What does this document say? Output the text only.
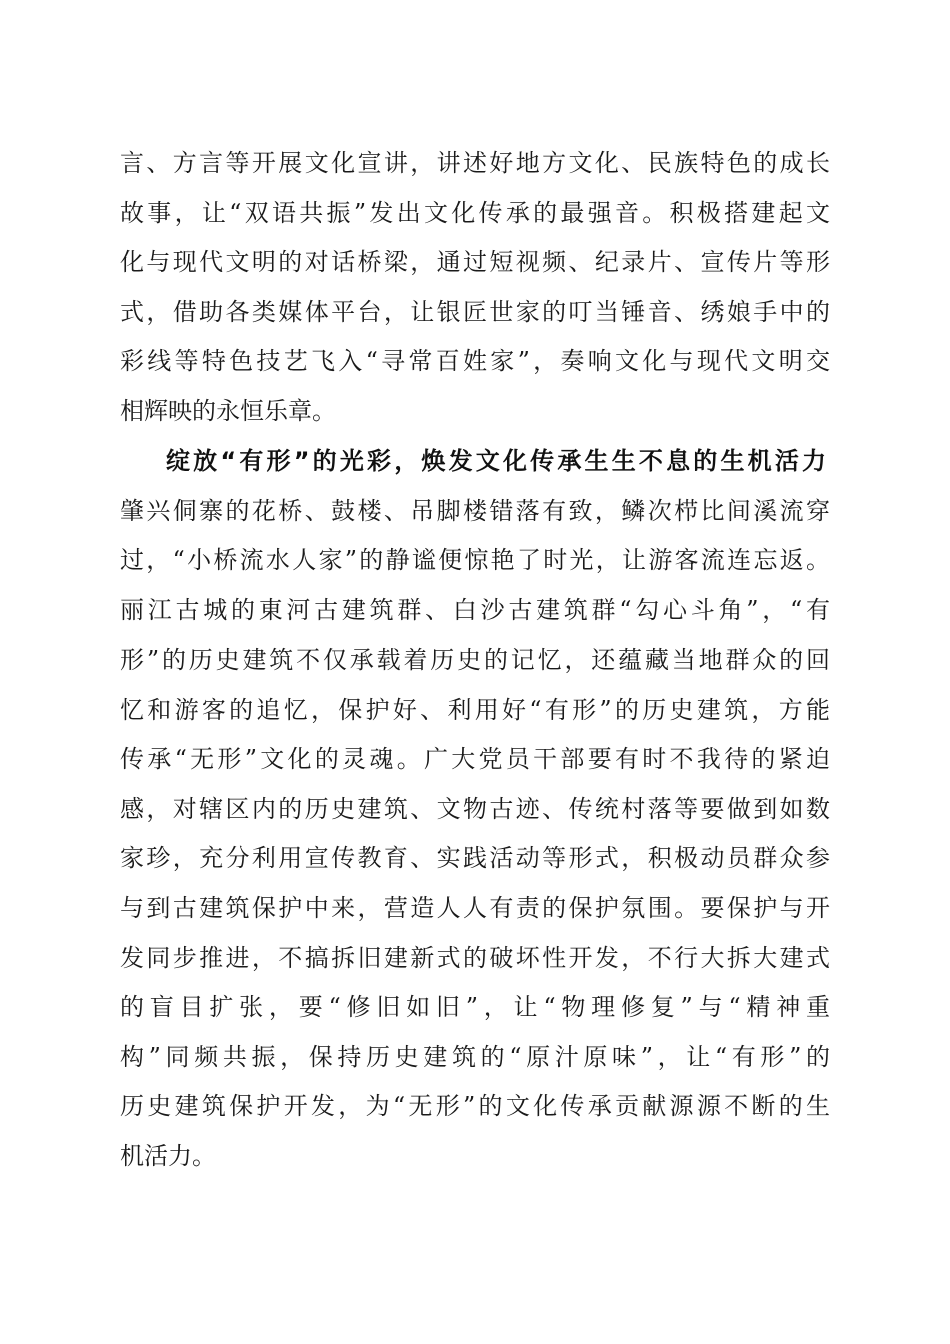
言、方言等开展文化宣讲，讲述好地方文化、民族特色的成长
故事，让“双语共振”发出文化传承的最强音。积极搭建起文
化与现代文明的对话桥梁，通过短视频、纪录片、宣传片等形
式，借助各类媒体平台，让银匠世家的叮当锤音、绣娘手中的
彩线等特色技艺飞入“寻常百姓家”，奏响文化与现代文明交
相辉映的永恒乐章。
绽放“有形”的光彩，焕发文化传承生生不息的生机活力
肇兴侗寨的花桥、鼓楼、吊脚楼错落有致，鳞次栉比间溪流穿
过，“小桥流水人家”的静谧便惊艳了时光，让游客流连忘返。
丽江古城的東河古建筑群、白沙古建筑群“勾心斗角”，“有
形”的历史建筑不仅承载着历史的记忆，还蕴藏当地群众的回
忆和游客的追忆，保护好、利用好“有形”的历史建筑，方能
传承“无形”文化的灵魂。广大党员干部要有时不我待的紧迫
感，对辖区内的历史建筑、文物古迹、传统村落等要做到如数
家珍，充分利用宣传教育、实践活动等形式，积极动员群众参
与到古建筑保护中来，营造人人有责的保护氛围。要保护与开
发同步推进，不搞拆旧建新式的破坏性开发，不行大拆大建式
的盲目扩张，要“修旧如旧”，让“物理修复”与“精神重
构”同频共振，保持历史建筑的“原汁原味”，让“有形”的
历史建筑保护开发，为“无形”的文化传承贡献源源不断的生
机活力。
